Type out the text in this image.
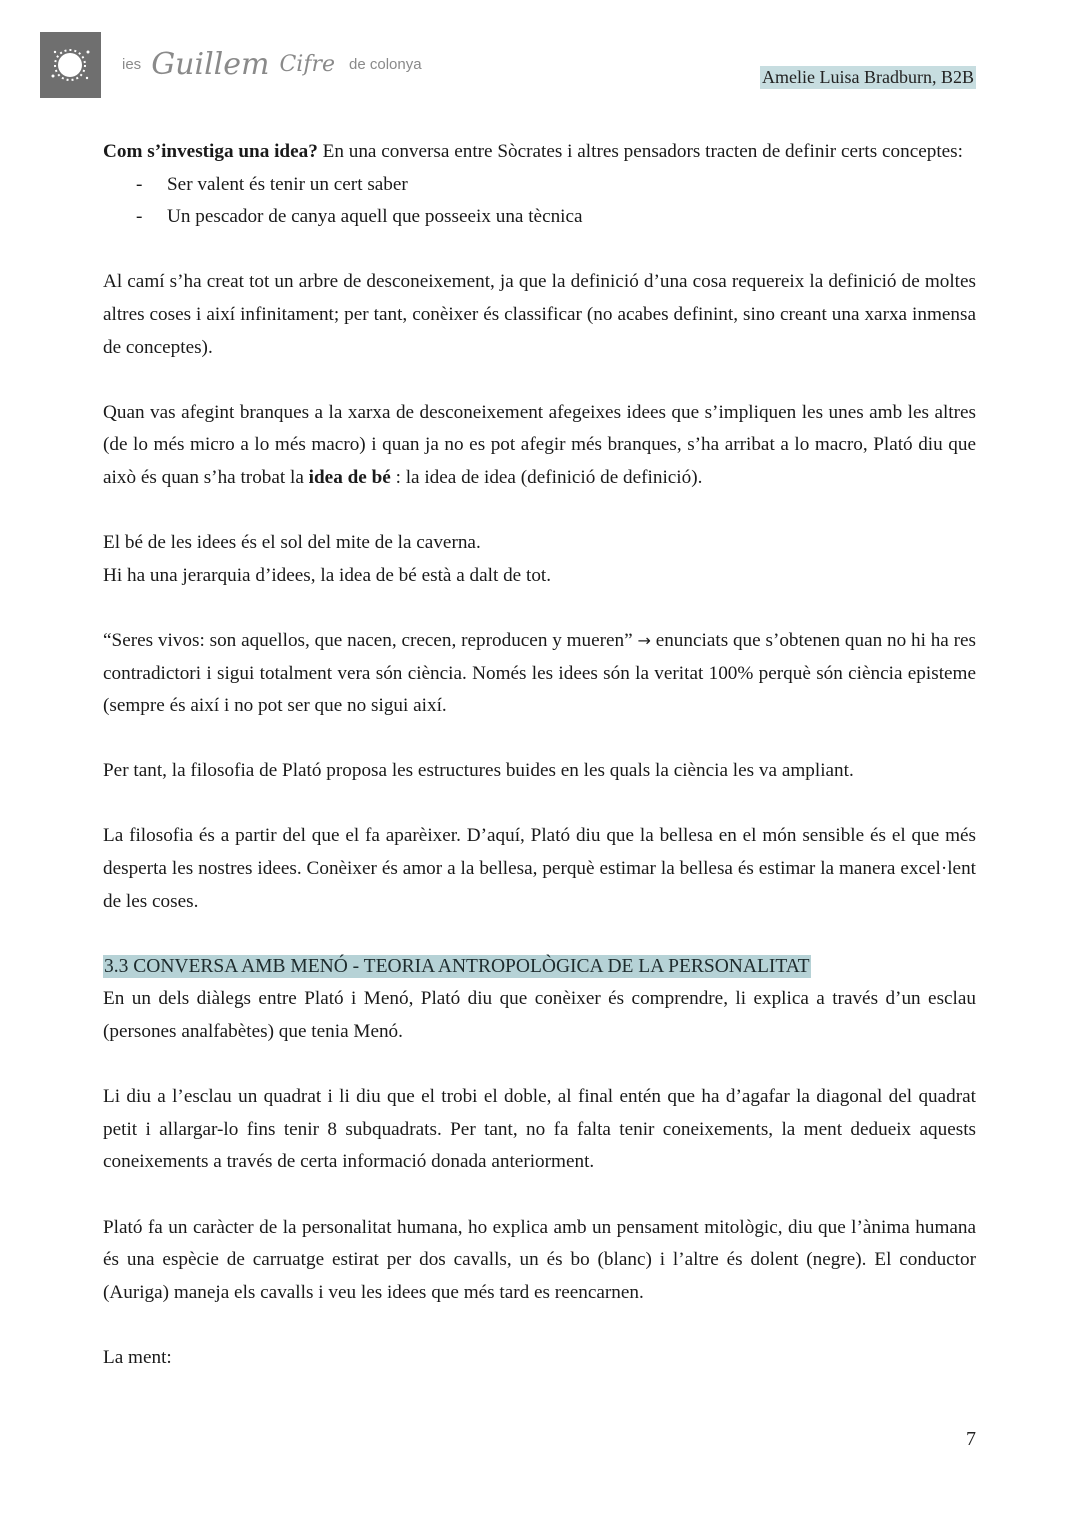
ies Guillem Cifre de colonya
Amelie Luisa Bradburn, B2B

Com s’investiga una idea? En una conversa entre Sòcrates i altres pensadors tracten de definir certs conceptes:

- Ser valent és tenir un cert saber
- Un pescador de canya aquell que posseeix una tècnica

Al camí s’ha creat tot un arbre de desconeixement, ja que la definició d’una cosa requereix la definició de moltes altres coses i així infinitament; per tant, conèixer és classificar (no acabes definint, sino creant una xarxa inmensa de conceptes).

Quan vas afegint branques a la xarxa de desconeixement afegeixes idees que s’impliquen les unes amb les altres (de lo més micro a lo més macro) i quan ja no es pot afegir més branques, s’ha arribat a lo macro, Plató diu que això és quan s’ha trobat la idea de bé : la idea de idea (definició de definició).

El bé de les idees és el sol del mite de la caverna.
Hi ha una jerarquia d’idees, la idea de bé està a dalt de tot.

“Seres vivos: son aquellos, que nacen, crecen, reproducen y mueren” → enunciats que s’obtenen quan no hi ha res contradictori i sigui totalment vera són ciència. Només les idees són la veritat 100% perquè són ciència episteme (sempre és així i no pot ser que no sigui així.

Per tant, la filosofia de Plató proposa les estructures buides en les quals la ciència les va ampliant.

La filosofia és a partir del que el fa aparèixer. D’aquí, Plató diu que la bellesa en el món sensible és el que més desperta les nostres idees. Conèixer és amor a la bellesa, perquè estimar la bellesa és estimar la manera excel·lent de les coses.

3.3 CONVERSA AMB MENÓ - TEORIA ANTROPOLÒGICA DE LA PERSONALITAT

En un dels diàlegs entre Plató i Menó, Plató diu que conèixer és comprendre, li explica a través d’un esclau (persones analfabètes) que tenia Menó.

Li diu a l’esclau un quadrat i li diu que el trobi el doble, al final entén que ha d’agafar la diagonal del quadrat petit i allargar-lo fins tenir 8 subquadrats. Per tant, no fa falta tenir coneixements, la ment dedueix aquests coneixements a través de certa informació donada anteriorment.

Plató fa un caràcter de la personalitat humana, ho explica amb un pensament mitològic, diu que l’ànima humana és una espècie de carruatge estirat per dos cavalls, un és bo (blanc) i l’altre és dolent (negre). El conductor (Auriga) maneja els cavalls i veu les idees que més tard es reencarnen.

La ment:

7
